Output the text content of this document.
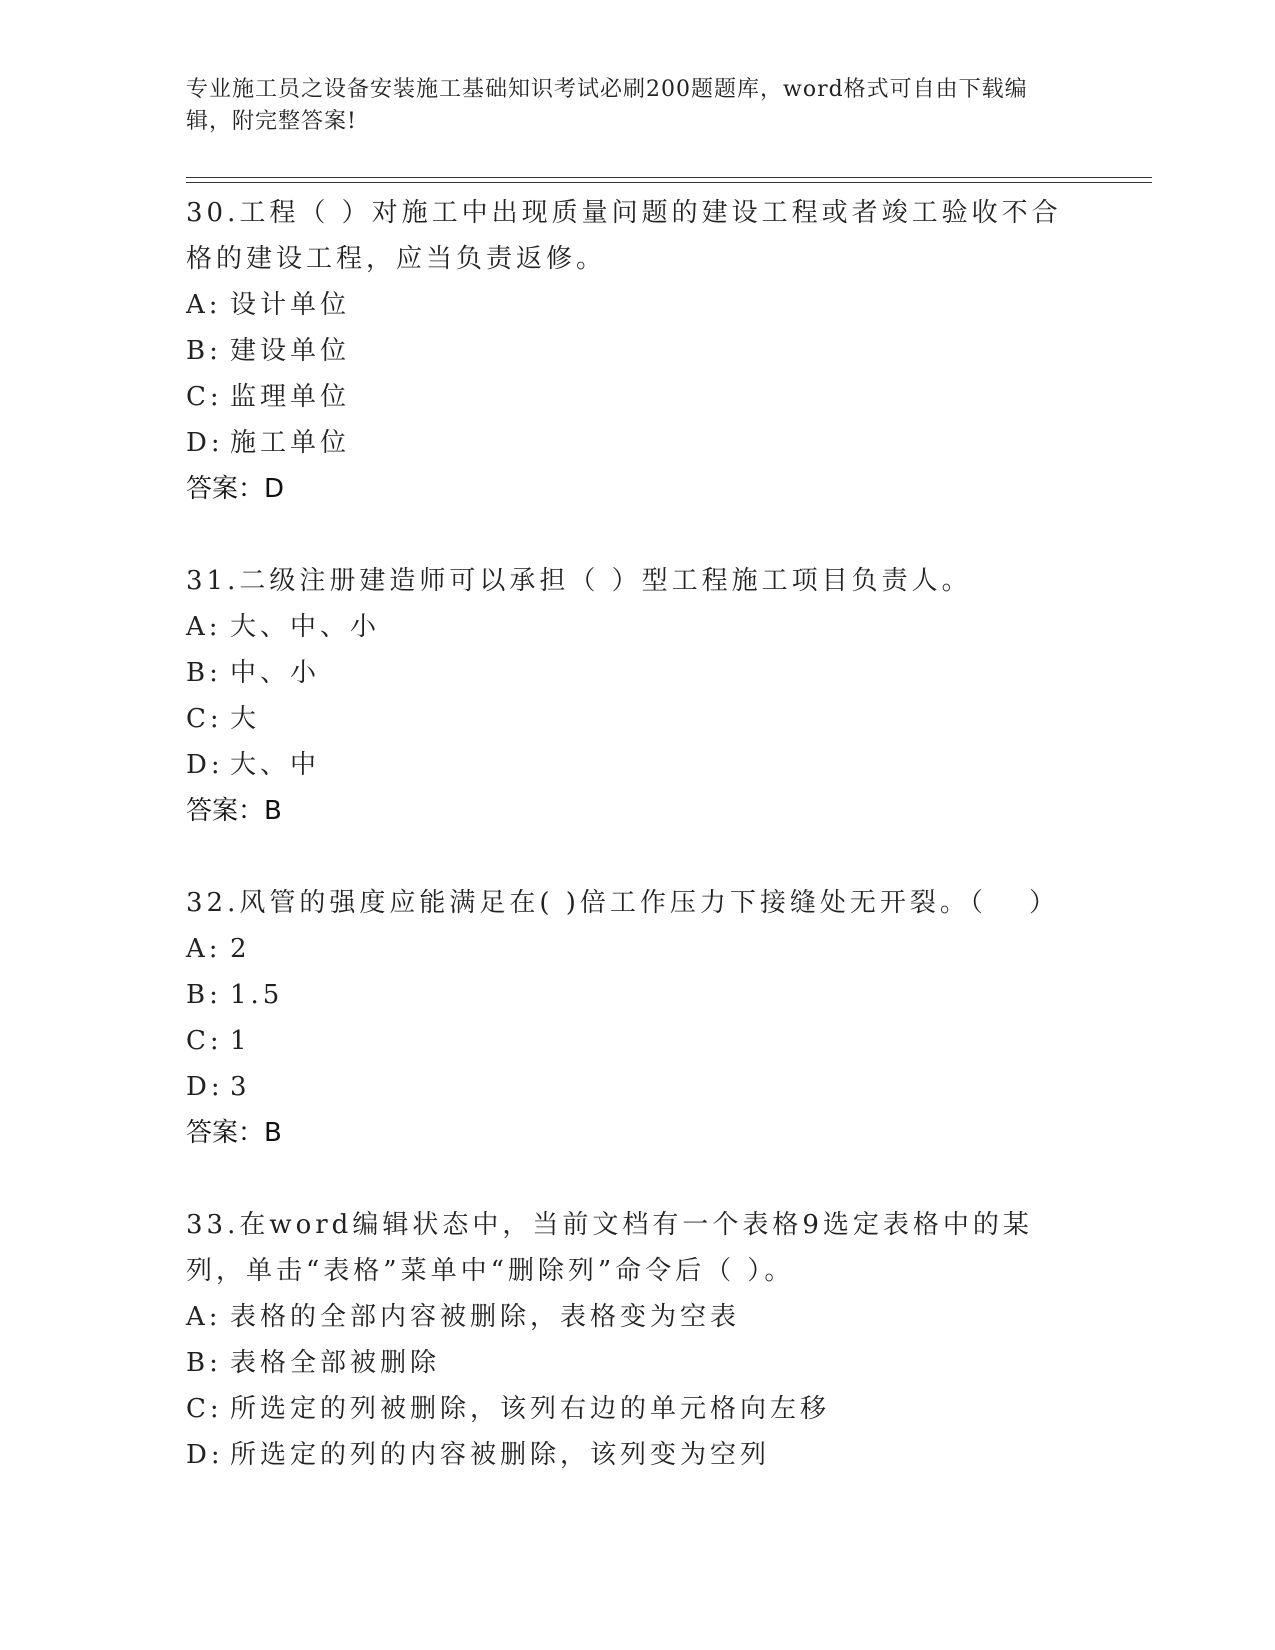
专业施工员之设备安装施工基础知识考试必刷200题题库，word格式可自由下载编辑，附完整答案!

30.工程（ ）对施工中出现质量问题的建设工程或者竣工验收不合格的建设工程，应当负责返修。

A: 设计单位

B: 建设单位

C: 监理单位

D: 施工单位

答案：D

31.二级注册建造师可以承担（ ）型工程施工项目负责人。

A: 大、中、小

B: 中、小

C: 大

D: 大、中

答案：B

32.风管的强度应能满足在( )倍工作压力下接缝处无开裂。（　 ）

A: 2

B: 1.5

C: 1

D: 3

答案：B

33.在word编辑状态中，当前文档有一个表格9选定表格中的某列，单击“表格”菜单中“删除列”命令后（ ）。

A: 表格的全部内容被删除，表格变为空表

B: 表格全部被删除

C: 所选定的列被删除，该列右边的单元格向左移

D: 所选定的列的内容被删除，该列变为空列
